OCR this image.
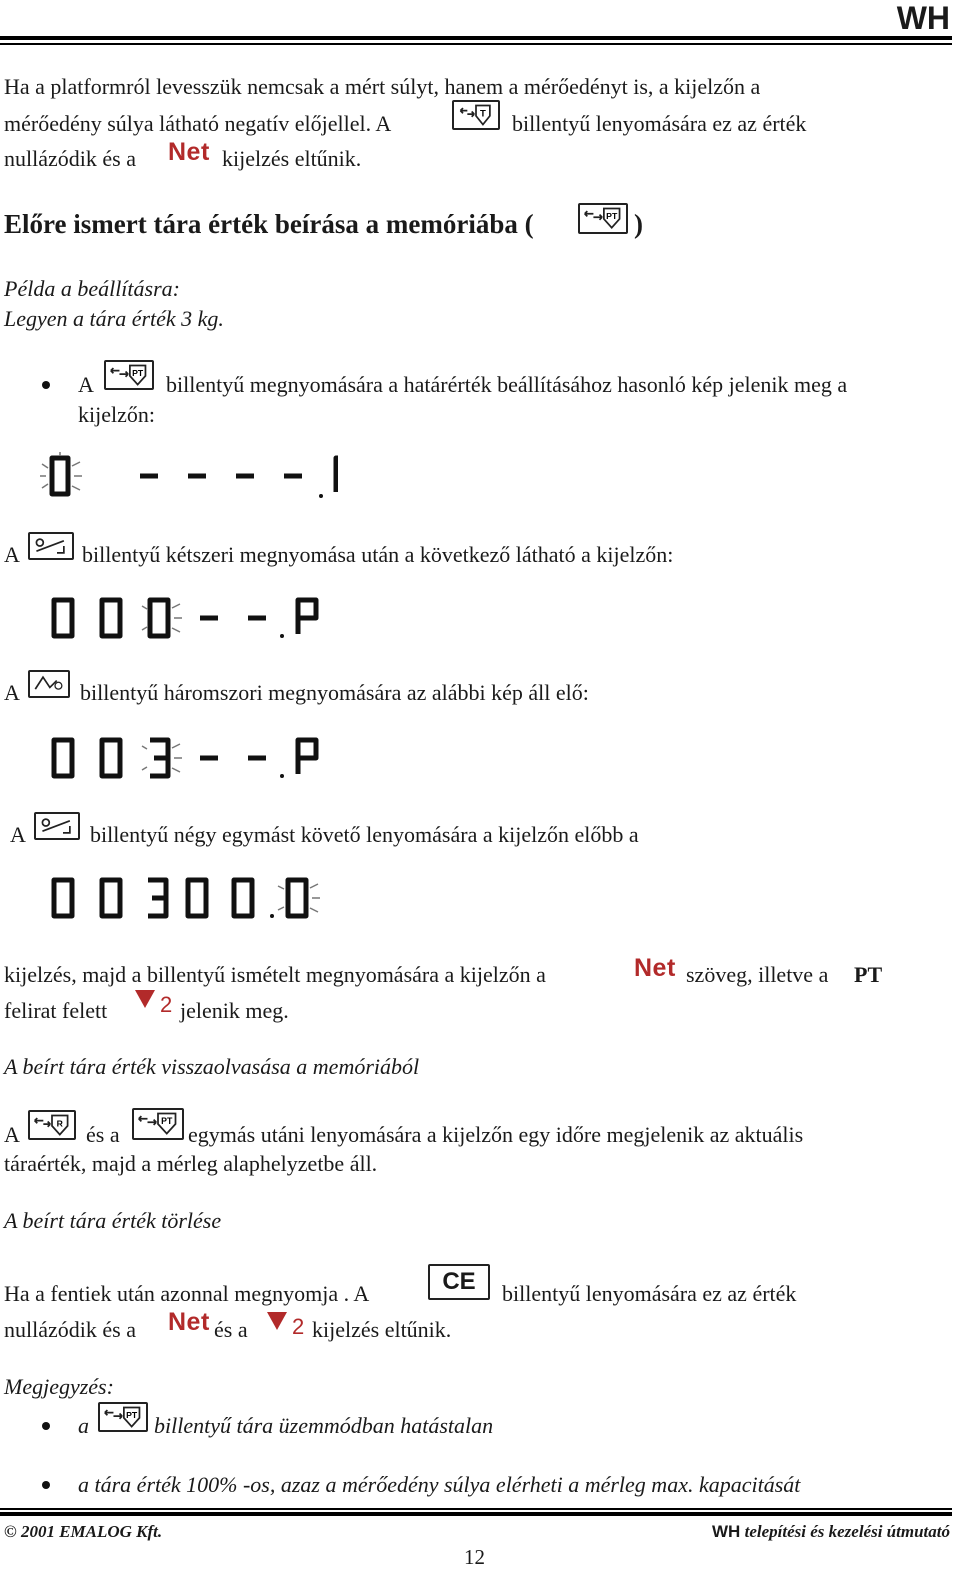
WH
Ha a platformról levesszük nemcsak a mért súlyt, hanem a mérőedényt is, a kijelzőn a
mérőedény súlya látható negatív előjellel. A	T billentyű lenyomására ez az érték
nullázódik és a Net kijelzés eltűnik.
Előre ismert tára érték beírása a memóriába (	PT )
Példa a beállításra:
Legyen a tára érték 3 kg.
A	PT billentyű megnyomására a határérték beállításához hasonló kép jelenik meg a
kijelzőn:
A	billentyű kétszeri megnyomása után a következő látható a kijelzőn:
A	billentyű háromszori megnyomására az alábbi kép áll elő:
A	billentyű négy egymást követő lenyomására a kijelzőn előbb a
kijelzés, majd a billentyű ismételt megnyomására a kijelzőn a	Net szöveg, illetve a PT
felirat felett 2 jelenik meg.
A beírt tára érték visszaolvasása a memóriából
A	R és a
PT
egymás utáni lenyomására a kijelzőn egy időre megjelenik az aktuális
táraérték, majd a mérleg alaphelyzetbe áll.
A beírt tára érték törlése
Ha a fentiek után azonnal megnyomja . A	CE	billentyű lenyomására ez az érték
nullázódik és a Net és a 2 kijelzés eltűnik.
Megjegyzés:
a	PT billentyű tára üzemmódban hatástalan
a tára érték 100% -os, azaz a mérőedény súlya elérheti a mérleg max. kapacitását
© 2001 EMALOG Kft.	WH telepítési és kezelési útmutató
12
